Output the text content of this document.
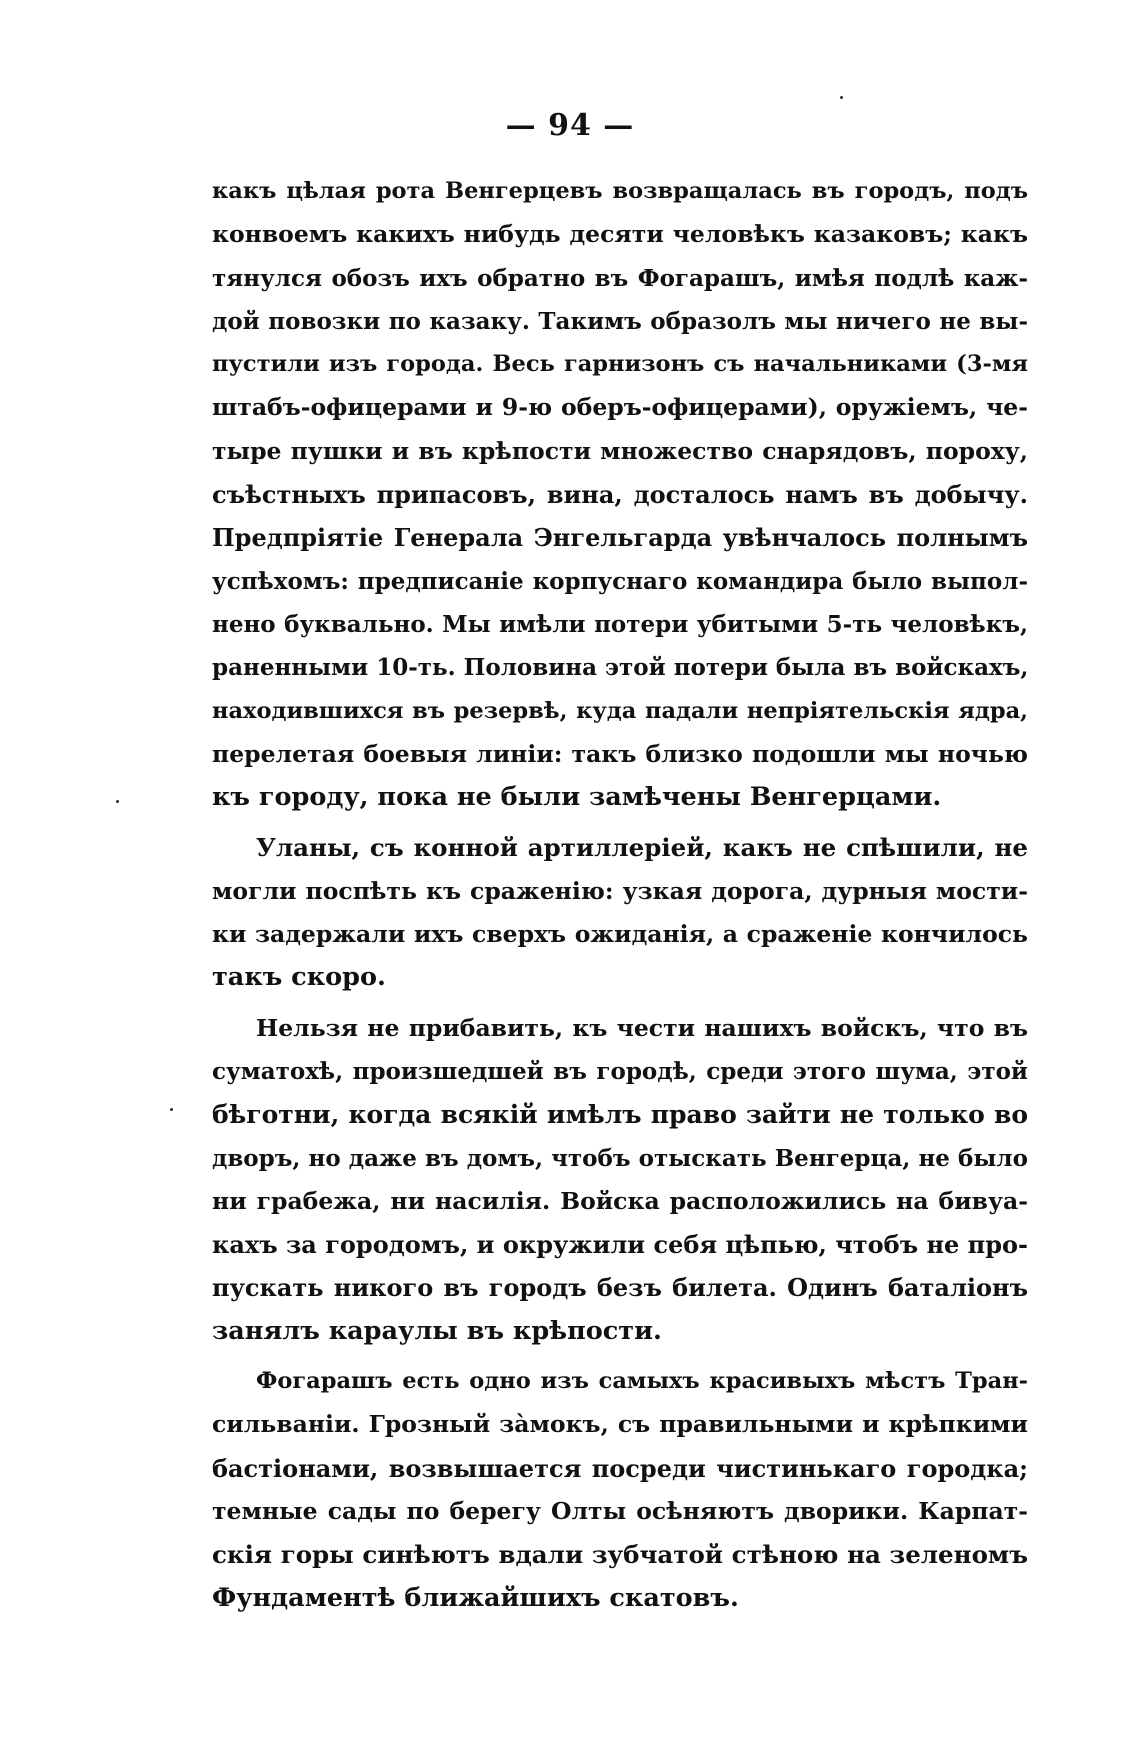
— 94 —
какъ цѣлая рота Венгерцевъ возвращалась въ городъ, подъ
конвоемъ какихъ нибудь десяти человѣкъ казаковъ; какъ
тянулся обозъ ихъ обратно въ Фогарашъ, имѣя подлѣ каж-
дой повозки по казаку. Такимъ образолъ мы ничего не вы-
пустили изъ города. Весь гарнизонъ съ начальниками (3-мя
штабъ-офицерами и 9-ю оберъ-офицерами), оружіемъ, че-
тыре пушки и въ крѣпости множество снарядовъ, пороху,
съѣстныхъ припасовъ, вина, досталось намъ въ добычу.
Предпріятіе Генерала Энгельгарда увѣнчалось полнымъ
успѣхомъ: предписаніе корпуснаго командира было выпол-
нено буквально. Мы имѣли потери убитыми 5-ть человѣкъ,
раненными 10-ть. Половина этой потери была въ войскахъ,
находившихся въ резервѣ, куда падали непріятельскія ядра,
перелетая боевыя линіи: такъ близко подошли мы ночью
къ городу, пока не были замѣчены Венгерцами.
Уланы, съ конной артиллеріей, какъ не спѣшили, не
могли поспѣть къ сраженію: узкая дорога, дурныя мости-
ки задержали ихъ сверхъ ожиданія, а сраженіе кончилось
такъ скоро.
Нельзя не прибавить, къ чести нашихъ войскъ, что въ
суматохѣ, произшедшей въ городѣ, среди этого шума, этой
бѣготни, когда всякій имѣлъ право зайти не только во
дворъ, но даже въ домъ, чтобъ отыскать Венгерца, не было
ни грабежа, ни насилія. Войска расположились на бивуа-
кахъ за городомъ, и окружили себя цѣпью, чтобъ не про-
пускать никого въ городъ безъ билета. Одинъ баталіонъ
занялъ караулы въ крѣпости.
Фогарашъ есть одно изъ самыхъ красивыхъ мѣстъ Тран-
сильваніи. Грозный зàмокъ, съ правильными и крѣпкими
бастіонами, возвышается посреди чистинькаго городка;
темные сады по берегу Олты осѣняютъ дворики. Карпат-
скія горы синѣютъ вдали зубчатой стѣною на зеленомъ
Фундаментѣ ближайшихъ скатовъ.
